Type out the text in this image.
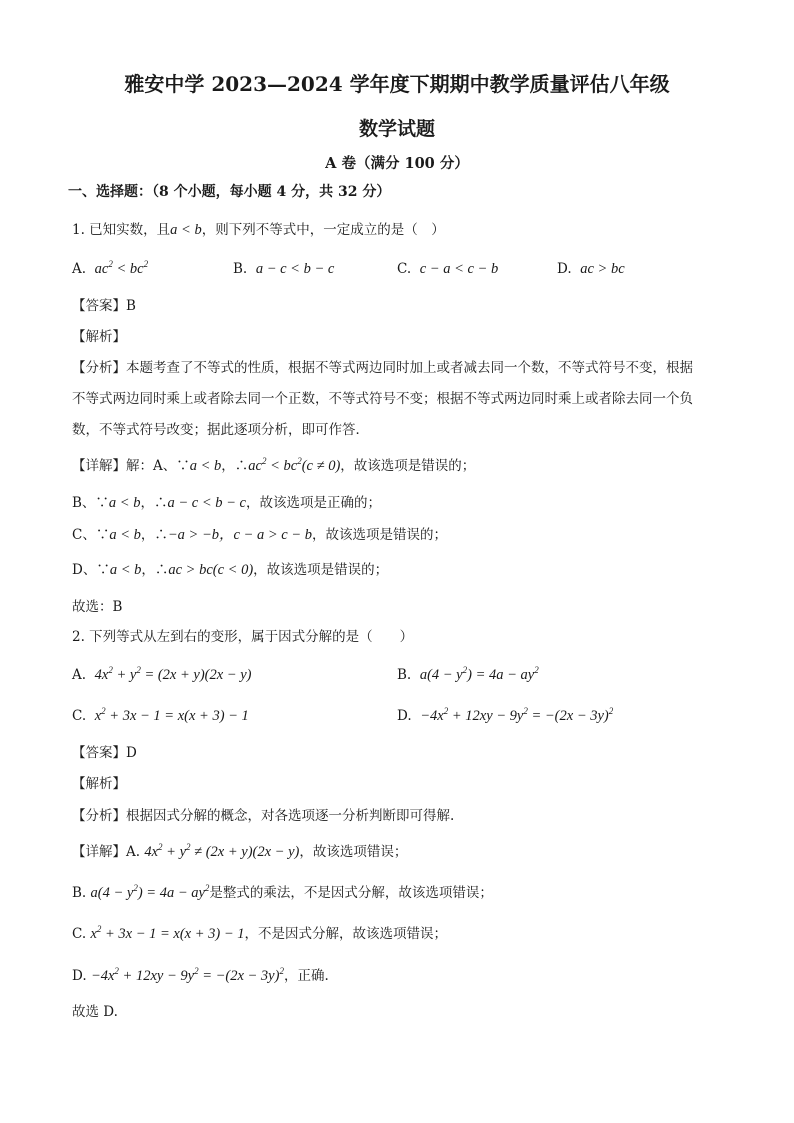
雅安中学 2023—2024 学年度下期期中教学质量评估八年级
数学试题
A 卷（满分 100 分）
一、选择题：（8 个小题，每小题 4 分，共 32 分）
1. 已知实数，且a < b，则下列不等式中，一定成立的是（　）
A. $ac^2 < bc^2$	B. a − c < b − c	C. c − a < c − b	D. ac > bc
【答案】B
【解析】
【分析】本题考查了不等式的性质，根据不等式两边同时加上或者减去同一个数，不等式符号不变，根据
不等式两边同时乘上或者除去同一个正数，不等式符号不变；根据不等式两边同时乘上或者除去同一个负
数，不等式符号改变；据此逐项分析，即可作答．
【详解】解：A、∵a < b，$\therefore ac^2 < bc^2(c \ne 0)$，故该选项是错误的；
B、∵a < b，∴a − c < b − c，故该选项是正确的；
C、∵a < b，∴−a > −b，c − a > c − b，故该选项是错误的；
D、∵a < b，∴ac > bc(c < 0)，故该选项是错误的；
故选：B
2. 下列等式从左到右的变形，属于因式分解的是（　　）
A. $4x^2 + y^2 = (2x + y)(2x - y)$	B. $a(4 - y^2) = 4a - ay^2$
C. $x^2 + 3x - 1 = x(x + 3) - 1$	D. $-4x^2 + 12xy - 9y^2 = -(2x - 3y)^2$
【答案】D
【解析】
【分析】根据因式分解的概念，对各选项逐一分析判断即可得解.
【详解】A. $4x^2 + y^2 \ne (2x + y)(2x - y)$，故该选项错误；
B. $a(4 - y^2) = 4a - ay^2$是整式的乘法，不是因式分解，故该选项错误；
C. $x^2 + 3x - 1 = x(x + 3) - 1$，不是因式分解，故该选项错误；
D. $-4x^2 + 12xy - 9y^2 = -(2x - 3y)^2$，正确.
故选 D.
